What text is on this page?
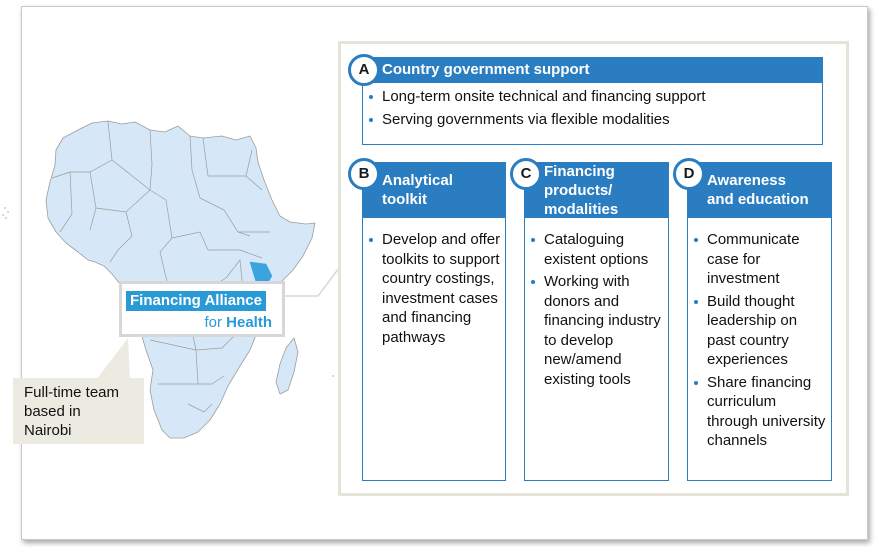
Financing Alliance
for Health
Full-time team
based in
Nairobi
Country government support
Long-term onsite technical and financing support
Serving governments via flexible modalities
A
Analytical
toolkit
Develop and offer toolkits to support country costings, investment cases and financing pathways
B	Financing
products/
modalities
Cataloguing existent options
Working with donors and financing industry to develop new/amend existing tools
C	Awareness
and education
Communicate case for investment
Build thought leadership on past country experiences
Share financing curriculum through university channels
D
